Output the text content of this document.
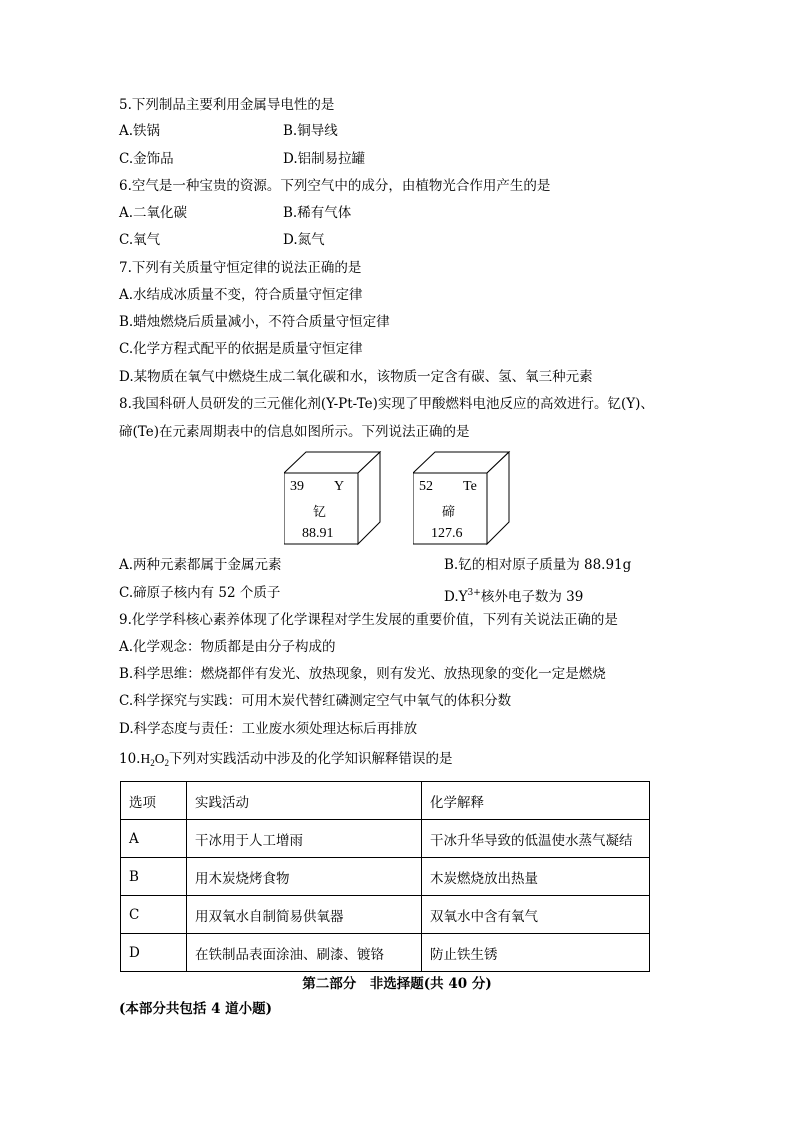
5.下列制品主要利用金属导电性的是
A.铁锅	B.铜导线
C.金饰品	D.铝制易拉罐
6.空气是一种宝贵的资源。下列空气中的成分，由植物光合作用产生的是
A.二氧化碳	B.稀有气体
C.氧气	D.氮气
7.下列有关质量守恒定律的说法正确的是
A.水结成冰质量不变，符合质量守恒定律
B.蜡烛燃烧后质量减小，不符合质量守恒定律
C.化学方程式配平的依据是质量守恒定律
D.某物质在氧气中燃烧生成二氧化碳和水，该物质一定含有碳、氢、氧三种元素
8.我国科研人员研发的三元催化剂(Y-Pt-Te)实现了甲酸燃料电池反应的高效进行。钇(Y)、
碲(Te)在元素周期表中的信息如图所示。下列说法正确的是
39 Y
钇
88.91
52 Te
碲
127.6
A.两种元素都属于金属元素	B.钇的相对原子质量为 88.91g
C.碲原子核内有 52 个质子	$D.Y^{3+}$核外电子数为 39
9.化学学科核心素养体现了化学课程对学生发展的重要价值，下列有关说法正确的是
A.化学观念：物质都是由分子构成的
B.科学思维：燃烧都伴有发光、放热现象，则有发光、放热现象的变化一定是燃烧
C.科学探究与实践：可用木炭代替红磷测定空气中氧气的体积分数
D.科学态度与责任：工业废水须处理达标后再排放
$10.H_2O_2$下列对实践活动中涉及的化学知识解释错误的是
选项	实践活动	化学解释
A	干冰用于人工增雨	干冰升华导致的低温使水蒸气凝结
B	用木炭烧烤食物	木炭燃烧放出热量
C	用双氧水自制简易供氧器	双氧水中含有氧气
D	在铁制品表面涂油、刷漆、镀铬	防止铁生锈
第二部分　非选择题(共 40 分)
(本部分共包括 4 道小题)
